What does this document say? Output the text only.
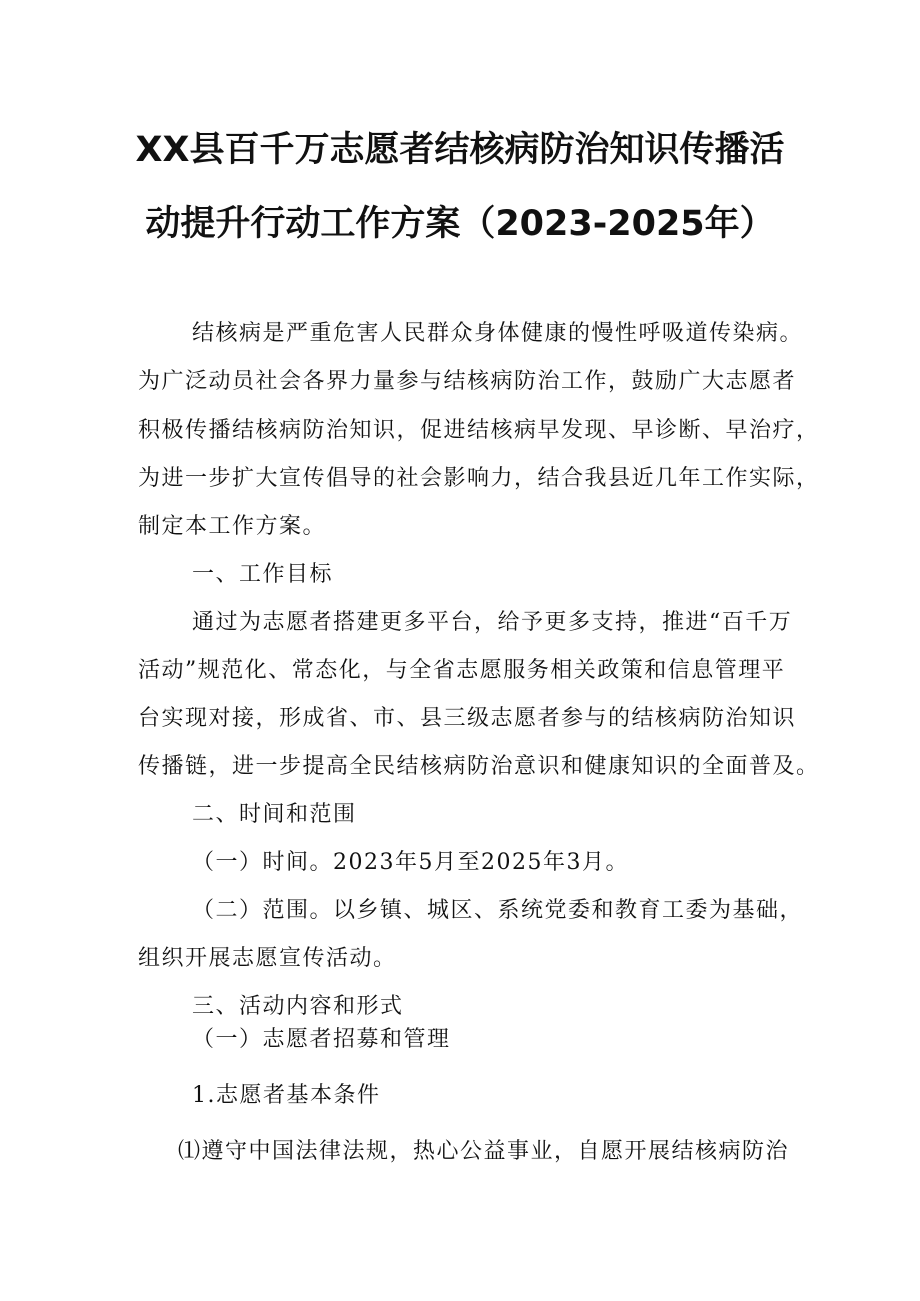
XX县百千万志愿者结核病防治知识传播活
动提升行动工作方案（2023-2025年）
结核病是严重危害人民群众身体健康的慢性呼吸道传染病。
为广泛动员社会各界力量参与结核病防治工作，鼓励广大志愿者
积极传播结核病防治知识，促进结核病早发现、早诊断、早治疗，
为进一步扩大宣传倡导的社会影响力，结合我县近几年工作实际，
制定本工作方案。
一、工作目标
通过为志愿者搭建更多平台，给予更多支持，推进“百千万
活动”规范化、常态化，与全省志愿服务相关政策和信息管理平
台实现对接，形成省、市、县三级志愿者参与的结核病防治知识
传播链，进一步提高全民结核病防治意识和健康知识的全面普及。
二、时间和范围
（一）时间。2023年5月至2025年3月。
（二）范围。以乡镇、城区、系统党委和教育工委为基础，
组织开展志愿宣传活动。
三、活动内容和形式
（一）志愿者招募和管理
1.志愿者基本条件
⑴遵守中国法律法规，热心公益事业，自愿开展结核病防治
